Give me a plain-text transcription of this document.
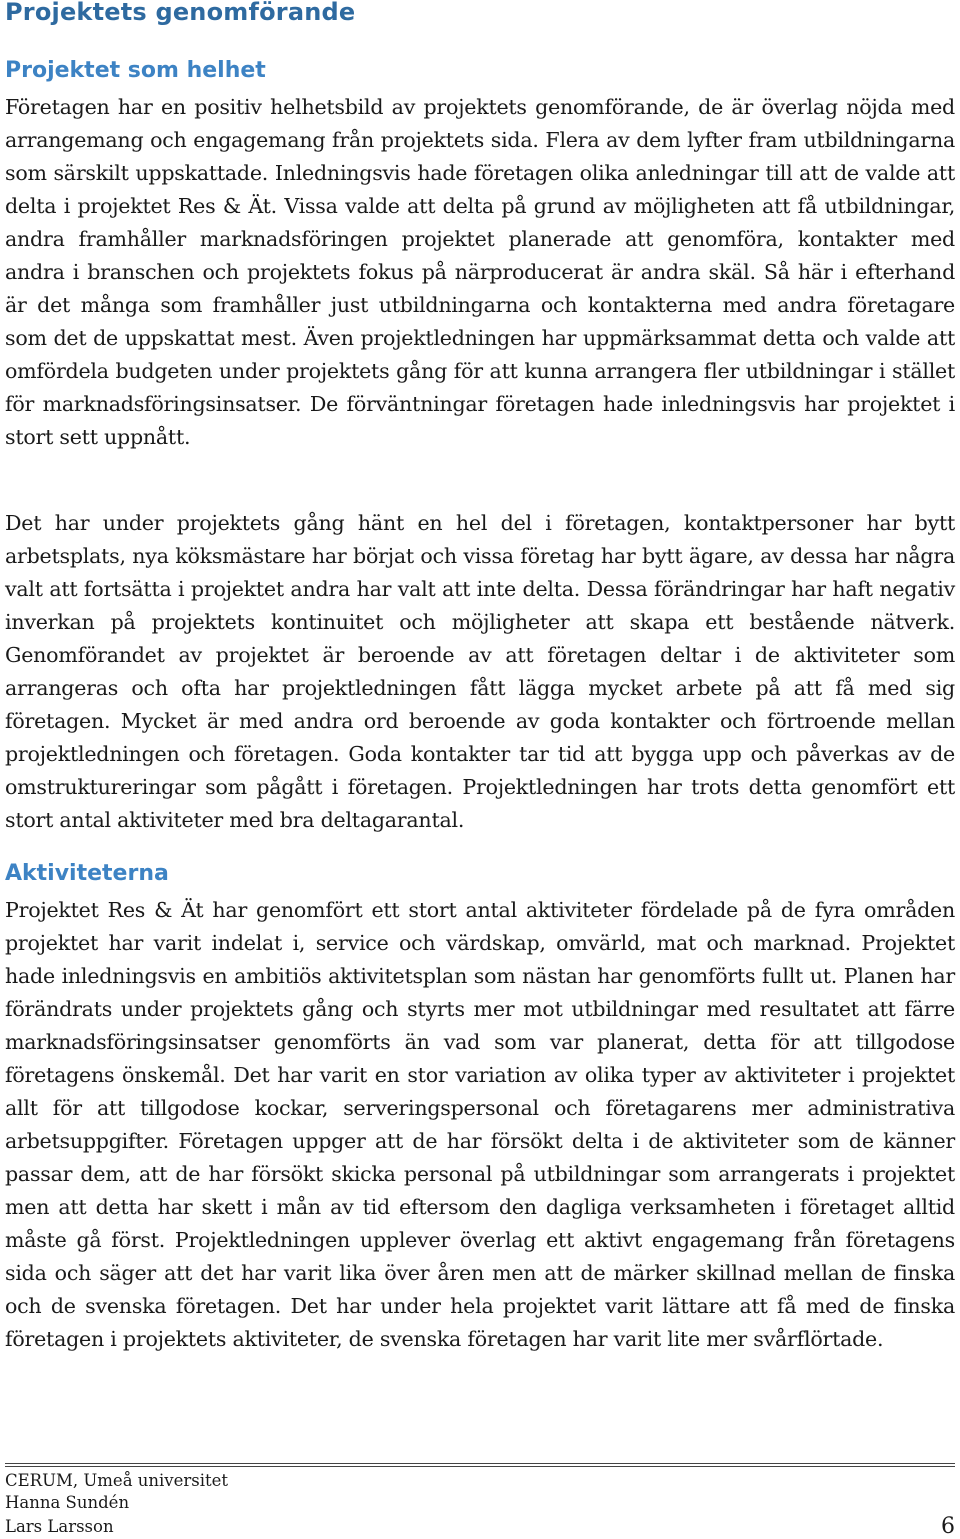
Projektets genomförande
Projektet som helhet

Företagen har en positiv helhetsbild av projektets genomförande, de är överlag nöjda med arrangemang och engagemang från projektets sida. Flera av dem lyfter fram utbildningarna som särskilt uppskattade. Inledningsvis hade företagen olika anledningar till att de valde att delta i projektet Res & Ät. Vissa valde att delta på grund av möjligheten att få utbildningar, andra framhåller marknadsföringen projektet planerade att genomföra, kontakter med andra i branschen och projektets fokus på närproducerat är andra skäl. Så här i efterhand är det många som framhåller just utbildningarna och kontakterna med andra företagare som det de uppskattat mest. Även projektledningen har uppmärksammat detta och valde att omfördela budgeten under projektets gång för att kunna arrangera fler utbildningar i stället för marknadsföringsinsatser. De förväntningar företagen hade inledningsvis har projektet i stort sett uppnått.

Det har under projektets gång hänt en hel del i företagen, kontaktpersoner har bytt arbetsplats, nya köksmästare har börjat och vissa företag har bytt ägare, av dessa har några valt att fortsätta i projektet andra har valt att inte delta. Dessa förändringar har haft negativ inverkan på projektets kontinuitet och möjligheter att skapa ett bestående nätverk. Genomförandet av projektet är beroende av att företagen deltar i de aktiviteter som arrangeras och ofta har projektledningen fått lägga mycket arbete på att få med sig företagen. Mycket är med andra ord beroende av goda kontakter och förtroende mellan projektledningen och företagen. Goda kontakter tar tid att bygga upp och påverkas av de omstruktureringar som pågått i företagen. Projektledningen har trots detta genomfört ett stort antal aktiviteter med bra deltagarantal.

Aktiviteterna

Projektet Res & Ät har genomfört ett stort antal aktiviteter fördelade på de fyra områden projektet har varit indelat i, service och värdskap, omvärld, mat och marknad. Projektet hade inledningsvis en ambitiös aktivitetsplan som nästan har genomförts fullt ut. Planen har förändrats under projektets gång och styrts mer mot utbildningar med resultatet att färre marknadsföringsinsatser genomförts än vad som var planerat, detta för att tillgodose företagens önskemål. Det har varit en stor variation av olika typer av aktiviteter i projektet allt för att tillgodose kockar, serveringspersonal och företagarens mer administrativa arbetsuppgifter. Företagen uppger att de har försökt delta i de aktiviteter som de känner passar dem, att de har försökt skicka personal på utbildningar som arrangerats i projektet men att detta har skett i mån av tid eftersom den dagliga verksamheten i företaget alltid måste gå först. Projektledningen upplever överlag ett aktivt engagemang från företagens sida och säger att det har varit lika över åren men att de märker skillnad mellan de finska och de svenska företagen. Det har under hela projektet varit lättare att få med de finska företagen i projektets aktiviteter, de svenska företagen har varit lite mer svårflörtade.

CERUM, Umeå universitet
Hanna Sundén
Lars Larsson	6
